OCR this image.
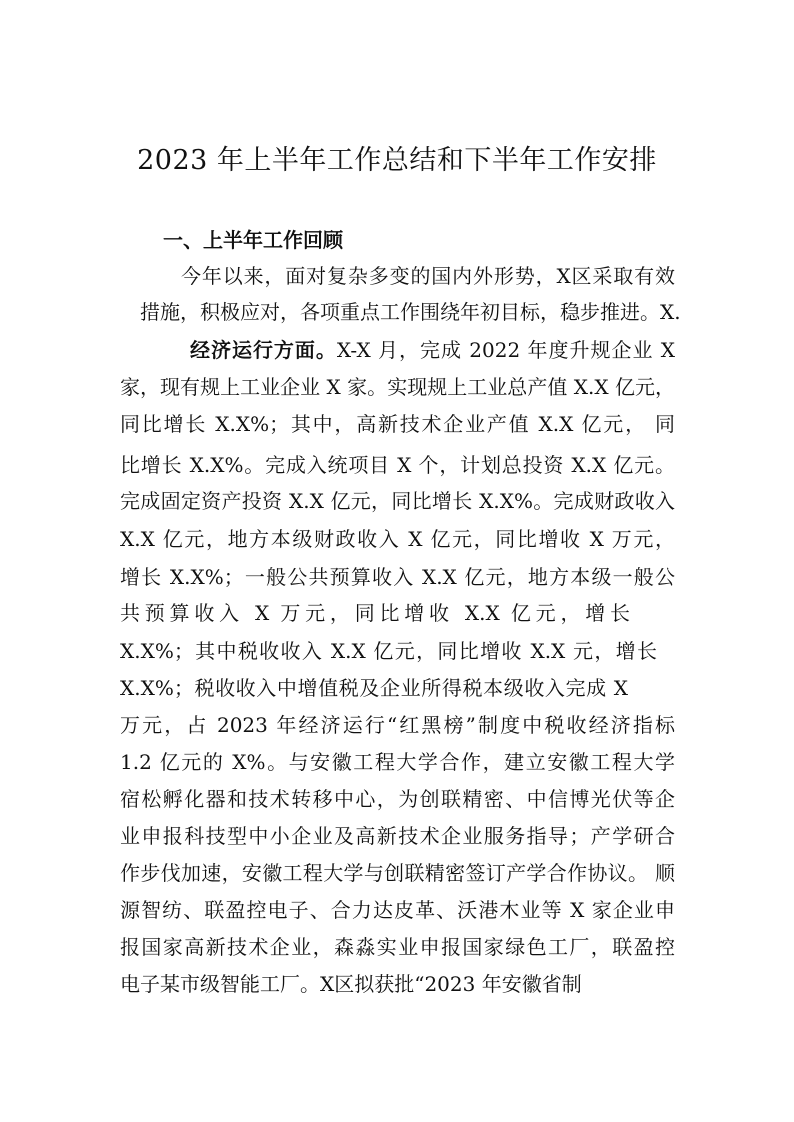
2023 年上半年工作总结和下半年工作安排
一、上半年工作回顾
今年以来，面对复杂多变的国内外形势，X区采取有效
措施，积极应对，各项重点工作围绕年初目标，稳步推进。X.
经济运行方面。X-X 月，完成 2022 年度升规企业 X
家，现有规上工业企业 X 家。实现规上工业总产值 X.X 亿元，
同比增长 X.X%；其中，高新技术企业产值 X.X 亿元， 同
比增长 X.X%。完成入统项目 X 个，计划总投资 X.X 亿元。
完成固定资产投资 X.X 亿元，同比增长 X.X%。完成财政收入
X.X 亿元，地方本级财政收入 X 亿元，同比增收 X 万元，
增长 X.X%；一般公共预算收入 X.X 亿元，地方本级一般公
共预算收入 X 万元，同比增收 X.X 亿元，增长
X.X%；其中税收收入 X.X 亿元，同比增收 X.X 元，增长
X.X%；税收收入中增值税及企业所得税本级收入完成 X
万元，占 2023 年经济运行“红黑榜”制度中税收经济指标
1.2 亿元的 X%。与安徽工程大学合作，建立安徽工程大学
宿松孵化器和技术转移中心，为创联精密、中信博光伏等企
业申报科技型中小企业及高新技术企业服务指导；产学研合
作步伐加速，安徽工程大学与创联精密签订产学合作协议。 顺
源智纺、联盈控电子、合力达皮革、沃港木业等 X 家企业申
报国家高新技术企业，森淼实业申报国家绿色工厂，联盈控
电子某市级智能工厂。X区拟获批“2023 年安徽省制
